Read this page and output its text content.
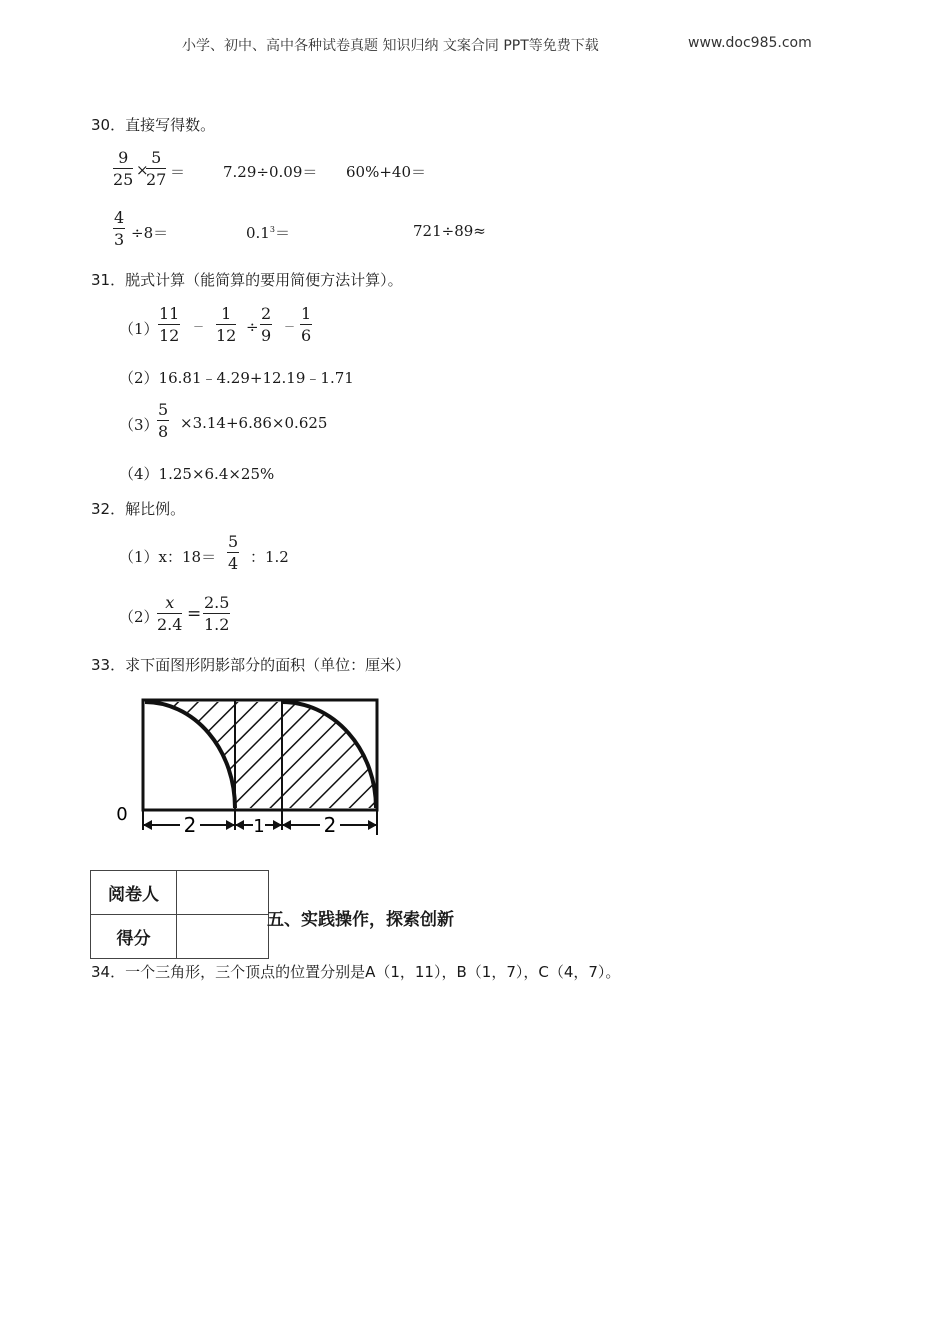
小学、初中、高中各种试卷真题 知识归纳 文案合同 PPT等免费下载	www.doc985.com
30．直接写得数。
$\frac{9}{25}$ ×
$\frac{5}{27}$ ＝	7.29÷0.09＝ 60%+40＝
$\frac{4}{3} \div 8=$	$0.1^3=$	721÷89≈
31．脱式计算（能简算的要用简便方法计算）。
$(1) \frac{11}{12} - \frac{1}{12} \div \frac{2}{9} - \frac{1}{6}$
（2）16.81﹣4.29+12.19﹣1.71
（3）
$\frac{5}{8} \times 3.14+6.86\times 0.625$
（4）1.25×6.4×25%
32．解比例。
（1）x：$18= \frac{5}{4}$ ：1.2
（2）
$\frac{x}{2.4} = \frac{2.5}{1.2}$
33．求下面图形阴影部分的面积（单位：厘米）
2	1	2
0
阅卷人	
得分	
五、实践操作，探索创新
34．一个三角形，三个顶点的位置分别是A（1，11），B（1，7），C（4，7）。
